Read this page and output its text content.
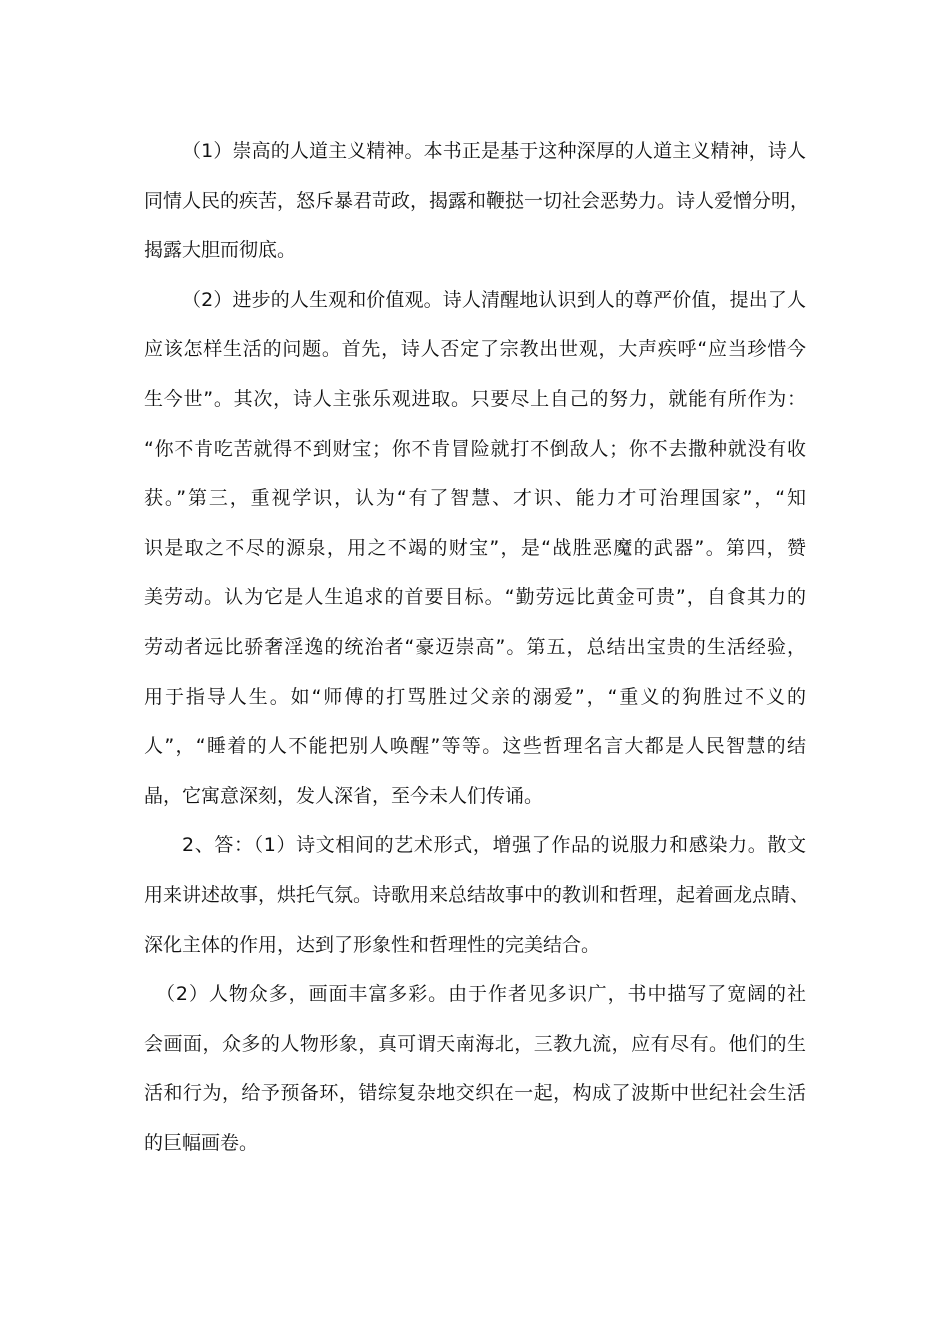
（1）崇高的人道主义精神。本书正是基于这种深厚的人道主义精神，诗人
同情人民的疾苦，怒斥暴君苛政，揭露和鞭挞一切社会恶势力。诗人爱憎分明，
揭露大胆而彻底。
（2）进步的人生观和价值观。诗人清醒地认识到人的尊严价值，提出了人
应该怎样生活的问题。首先，诗人否定了宗教出世观，大声疾呼“应当珍惜今
生今世”。其次，诗人主张乐观进取。只要尽上自己的努力，就能有所作为：
“你不肯吃苦就得不到财宝；你不肯冒险就打不倒敌人；你不去撒种就没有收
获。”第三，重视学识，认为“有了智慧、才识、能力才可治理国家”，“知
识是取之不尽的源泉，用之不竭的财宝”，是“战胜恶魔的武器”。第四，赞
美劳动。认为它是人生追求的首要目标。“勤劳远比黄金可贵”，自食其力的
劳动者远比骄奢淫逸的统治者“豪迈崇高”。第五，总结出宝贵的生活经验，
用于指导人生。如“师傅的打骂胜过父亲的溺爱”，“重义的狗胜过不义的
人”，“睡着的人不能把别人唤醒”等等。这些哲理名言大都是人民智慧的结
晶，它寓意深刻，发人深省，至今未人们传诵。
2、答：（1）诗文相间的艺术形式，增强了作品的说服力和感染力。散文
用来讲述故事，烘托气氛。诗歌用来总结故事中的教训和哲理，起着画龙点睛、
深化主体的作用，达到了形象性和哲理性的完美结合。
（2）人物众多，画面丰富多彩。由于作者见多识广，书中描写了宽阔的社
会画面，众多的人物形象，真可谓天南海北，三教九流，应有尽有。他们的生
活和行为，给予预备环，错综复杂地交织在一起，构成了波斯中世纪社会生活
的巨幅画卷。
